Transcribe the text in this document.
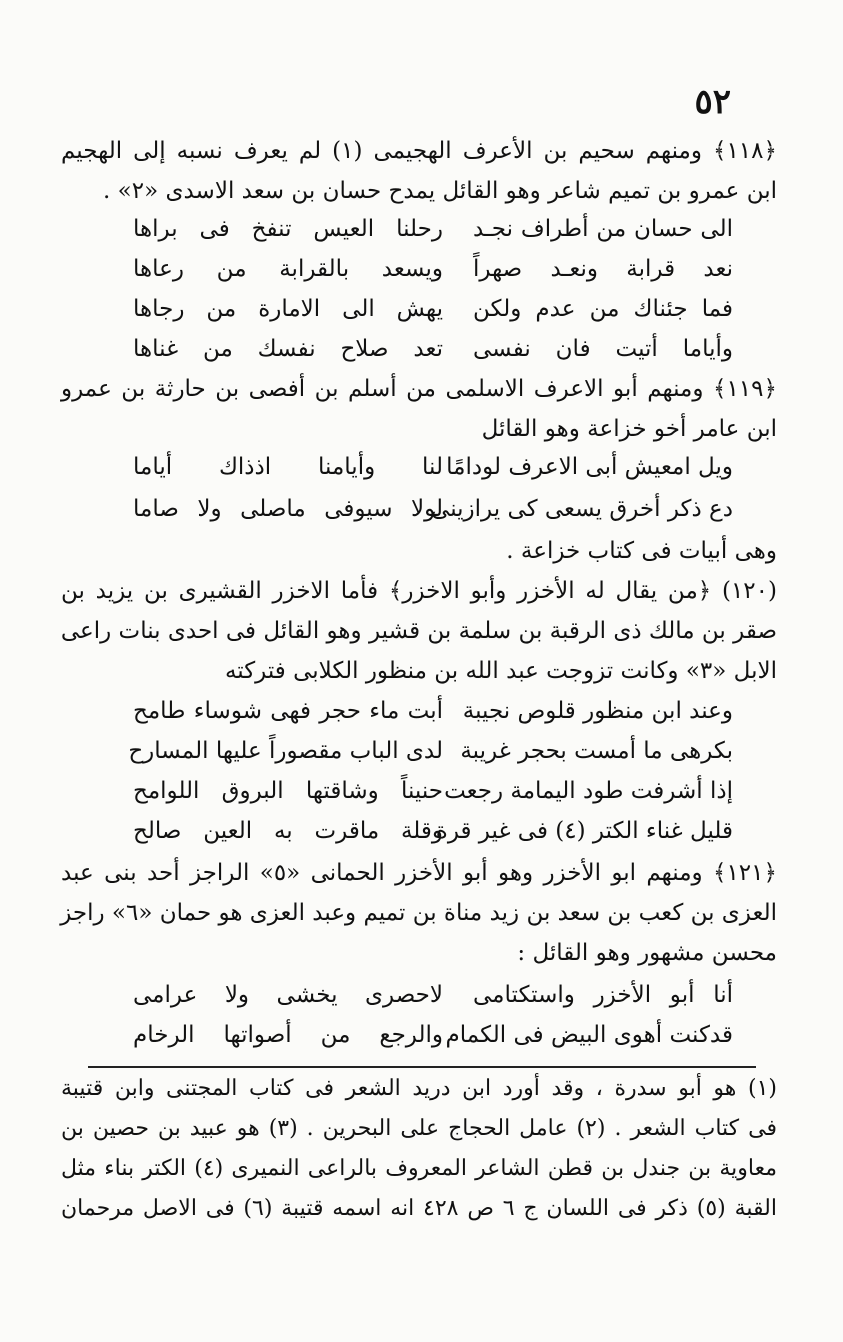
٥٢
﴿١١٨﴾ ومنهم سحيم بن الأعرف الهجيمى (١) لم يعرف نسبه إلى الهجيم
ابن عمرو بن تميم شاعر وهو القائل يمدح حسان بن سعد الاسدى «٢» .
الى حسان من أطراف نجـد
رحلنا العيس تنفخ فى براها
نعد قرابة ونعـد صهراً
ويسعد بالقرابة من رعاها
فما جئناك من عدم ولكن
يهش الى الامارة من رجاها
وأياما أتيت فان نفسى
تعد صلاح نفسك من غناها
﴿١١٩﴾ ومنهم أبو الاعرف الاسلمى من أسلم بن أفصى بن حارثة بن عمرو
ابن عامر أخو خزاعة وهو القائل
ويل امعيش أبى الاعرف لودامًا
لنا وأيامنا اذذاك أياما
دع ذكر أخرق يسعى كى يرازينى
لولا سيوفى ماصلى ولا صاما
وهى أبيات فى كتاب خزاعة .
(١٢٠) ﴿من يقال له الأخزر وأبو الاخزر﴾ فأما الاخزر القشيرى بن يزيد بن
صقر بن مالك ذى الرقبة بن سلمة بن قشير وهو القائل فى احدى بنات راعى
الابل «٣» وكانت تزوجت عبد الله بن منظور الكلابى فتركته
وعند ابن منظور قلوص نجيبة
أبت ماء حجر فهى شوساء طامح
بكرهى ما أمست بحجر غريبة
لدى الباب مقصوراً عليها المسارح
إذا أشرفت طود اليمامة رجعت
حنيناً وشاقتها البروق اللوامح
قليل غناء الكتر (٤) فى غير قرة
وقلة ماقرت به العين صالح
﴿١٢١﴾ ومنهم ابو الأخزر وهو أبو الأخزر الحمانى «٥» الراجز أحد بنى عبد
العزى بن كعب بن سعد بن زيد مناة بن تميم وعبد العزى هو حمان «٦» راجز
محسن مشهور وهو القائل :
أنا أبو الأخزر واستكتامى
لاحصرى يخشى ولا عرامى
قدكنت أهوى البيض فى الكمام
والرجع من أصواتها الرخام
(١) هو أبو سدرة ، وقد أورد ابن دريد الشعر فى كتاب المجتنى وابن قتيبة
فى كتاب الشعر . (٢) عامل الحجاج على البحرين . (٣) هو عبيد بن حصين بن
معاوية بن جندل بن قطن الشاعر المعروف بالراعى النميرى (٤) الكتر بناء مثل
القبة (٥) ذكر فى اللسان ج ٦ ص ٤٢٨ انه اسمه قتيبة (٦) فى الاصل مرحمان
